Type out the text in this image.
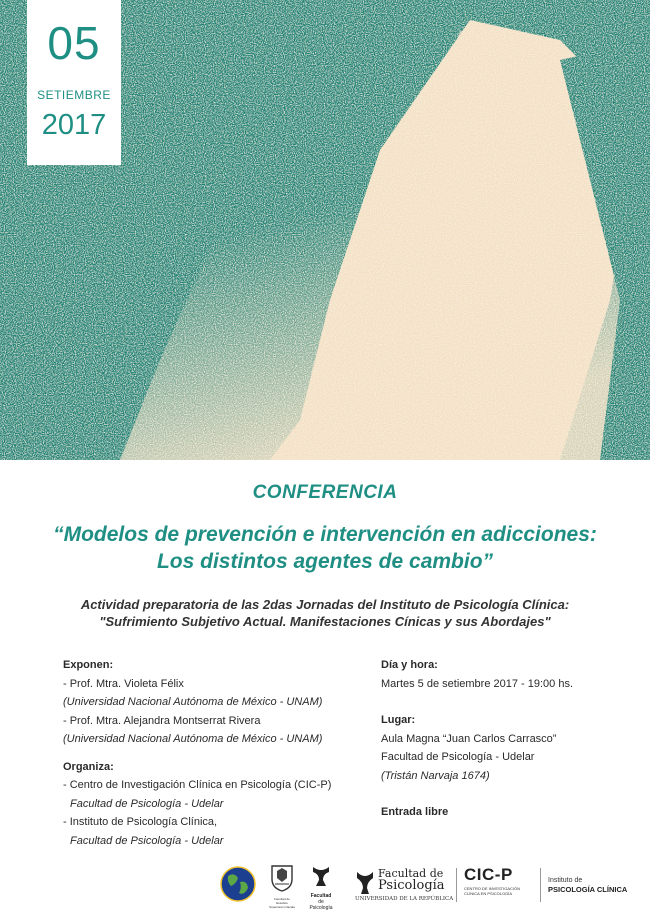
05
SETIEMBRE
2017
CONFERENCIA
“Modelos de prevención e intervención en adicciones:
Los distintos agentes de cambio”
Actividad preparatoria de las 2das Jornadas del Instituto de Psicología Clínica:
"Sufrimiento Subjetivo Actual. Manifestaciones Cínicas y sus Abordajes"
Exponen:
- Prof. Mtra. Violeta Félix
(Universidad Nacional Autónoma de México - UNAM)
- Prof. Mtra. Alejandra Montserrat Rivera
(Universidad Nacional Autónoma de México - UNAM)
Organiza:
- Centro de Investigación Clínica en Psicología (CIC-P)
Facultad de Psicología - Udelar
- Instituto de Psicología Clínica,
Facultad de Psicología - Udelar
Día y hora:
Martes 5 de setiembre 2017 - 19:00 hs.
Lugar:
Aula Magna “Juan Carlos Carrasco”
Facultad de Psicología - Udelar
(Tristán Narvaja 1674)
Entrada libre
Facultad de Estudios Superiores Iztacala
Facultad
de Psicología
Facultad de
Psicología
UNIVERSIDAD DE LA REPÚBLICA
CIC-P
CENTRO DE INVESTIGACIÓN
CLÍNICA EN PSICOLOGÍA
Instituto de
PSICOLOGÍA CLÍNICA
